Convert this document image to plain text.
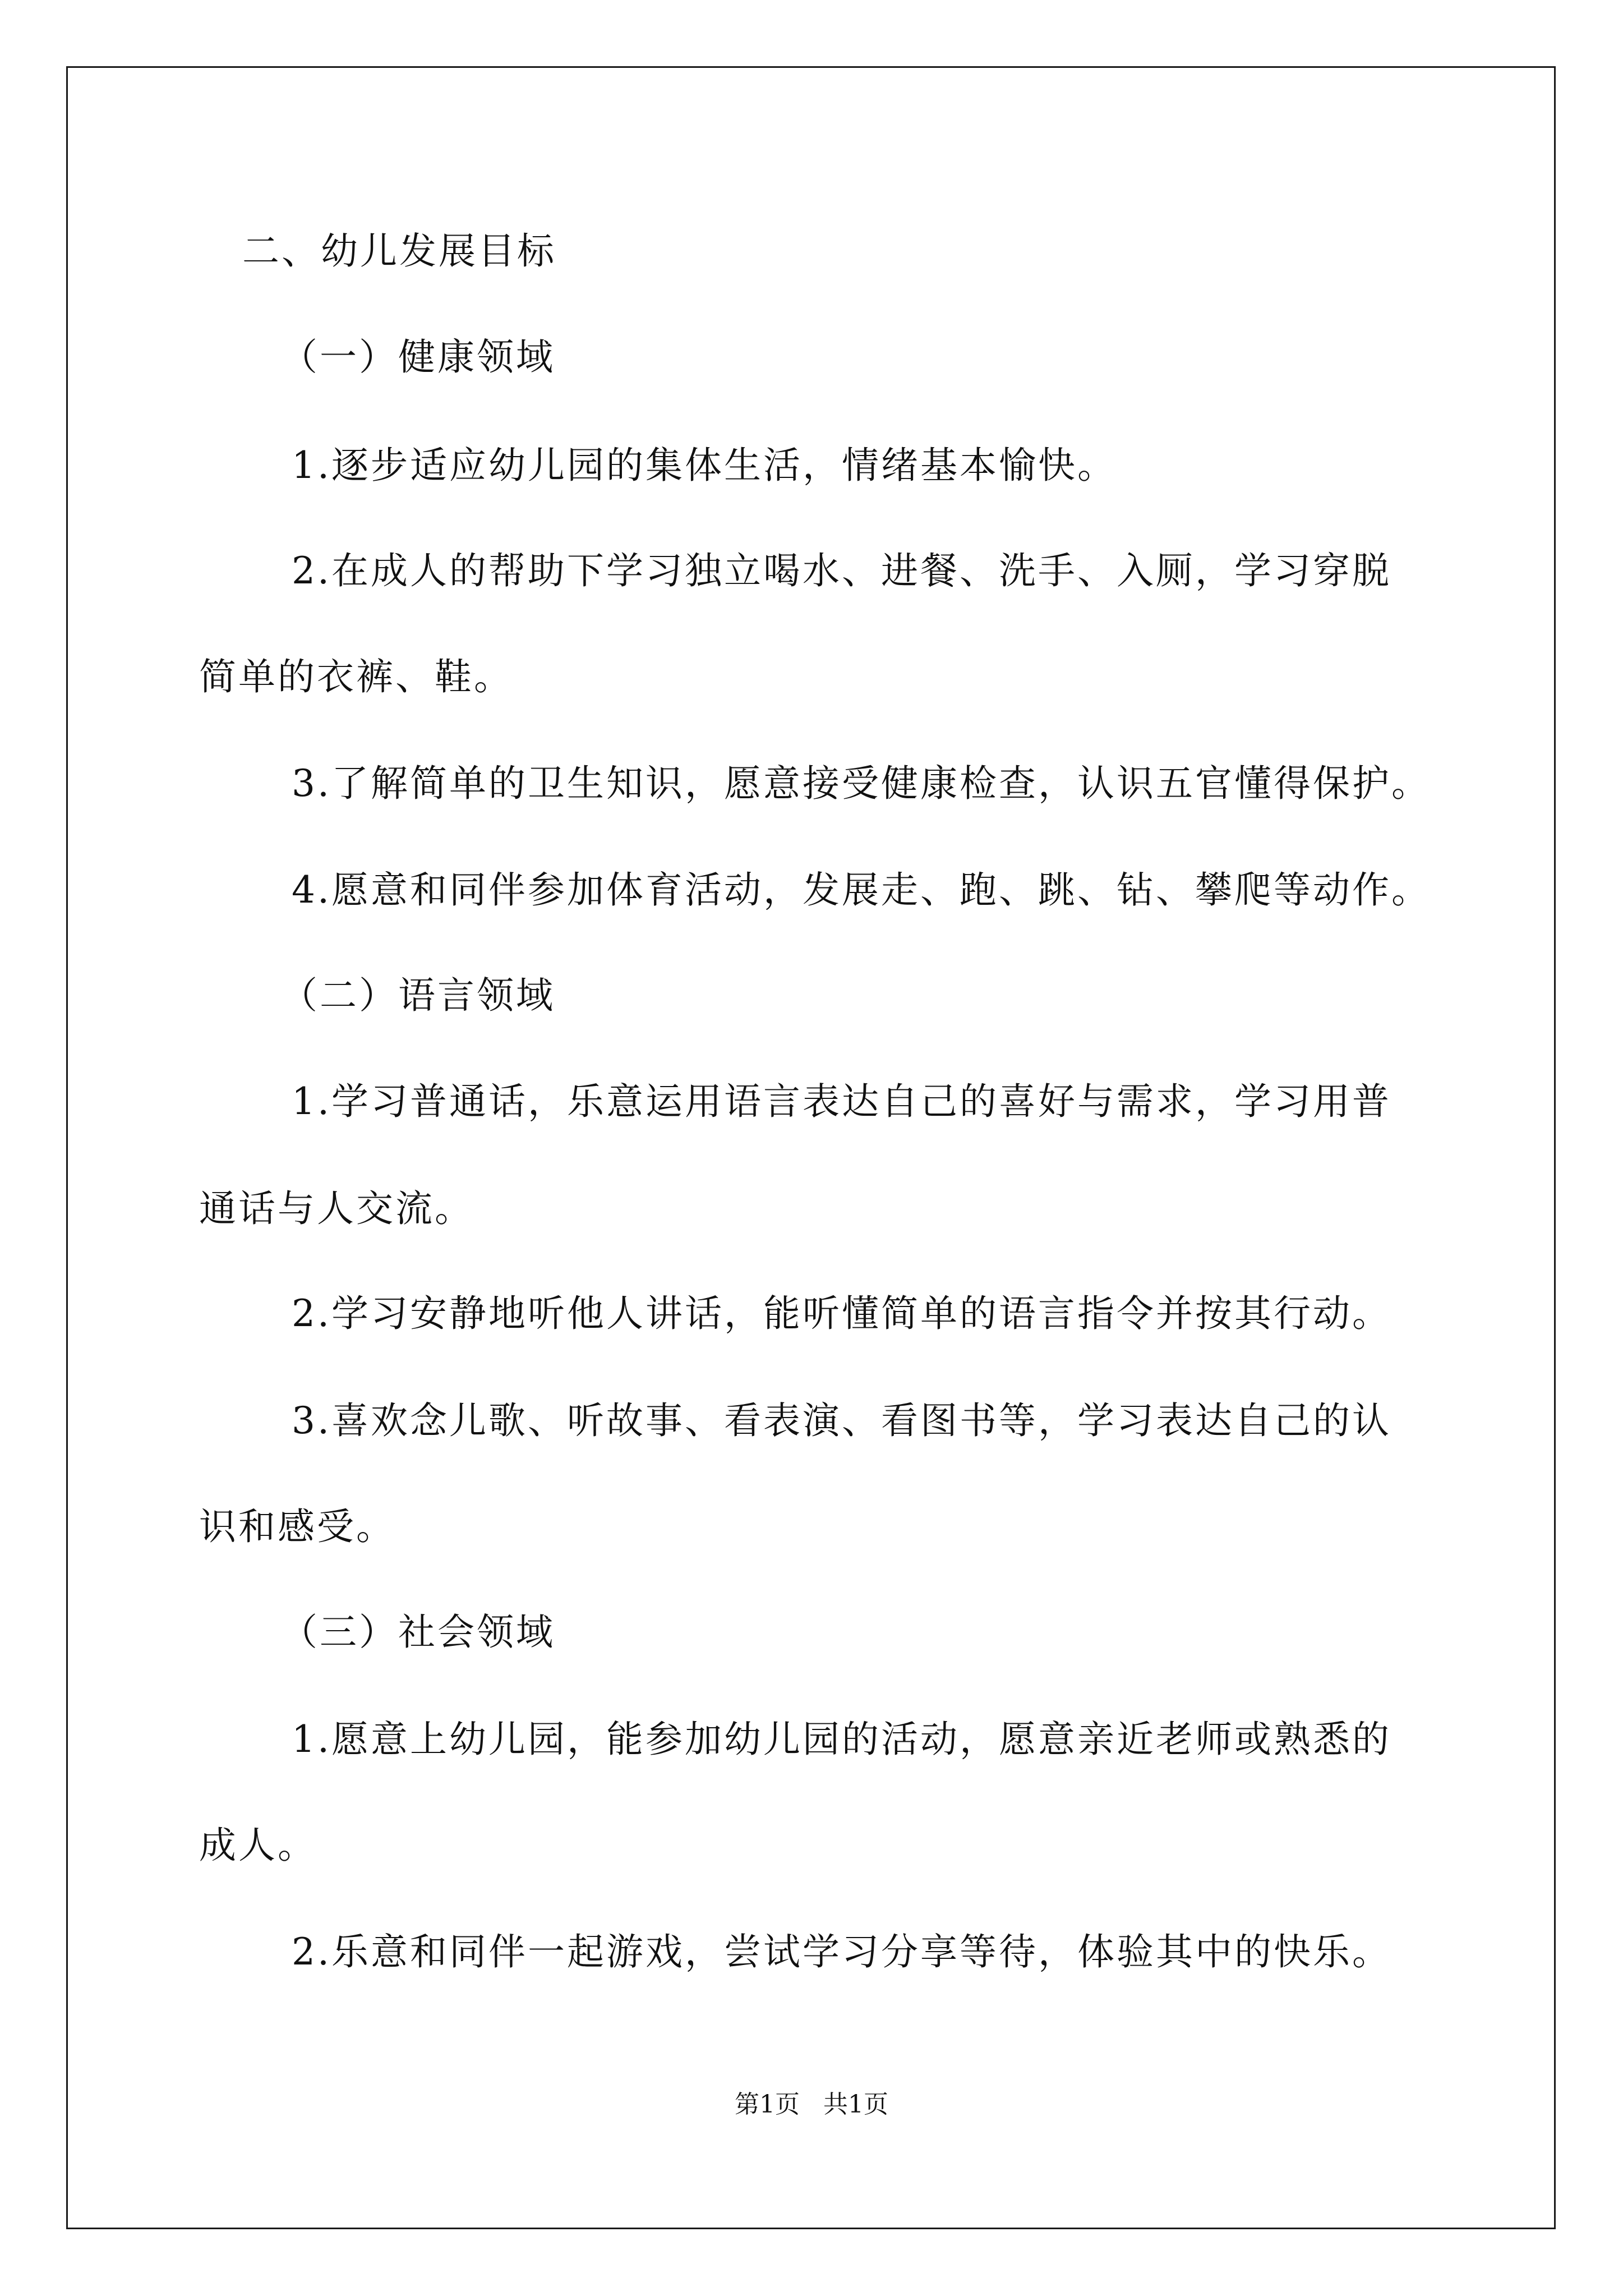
二、幼儿发展目标

（一）健康领域

1.逐步适应幼儿园的集体生活，情绪基本愉快。

2.在成人的帮助下学习独立喝水、进餐、洗手、入厕，学习穿脱

简单的衣裤、鞋。

3.了解简单的卫生知识，愿意接受健康检查，认识五官懂得保护。

4.愿意和同伴参加体育活动，发展走、跑、跳、钻、攀爬等动作。

（二）语言领域

1.学习普通话，乐意运用语言表达自己的喜好与需求，学习用普

通话与人交流。

2.学习安静地听他人讲话，能听懂简单的语言指令并按其行动。

3.喜欢念儿歌、听故事、看表演、看图书等，学习表达自己的认

识和感受。

（三）社会领域

1.愿意上幼儿园，能参加幼儿园的活动，愿意亲近老师或熟悉的

成人。

2.乐意和同伴一起游戏，尝试学习分享等待，体验其中的快乐。

第1页   共1页
